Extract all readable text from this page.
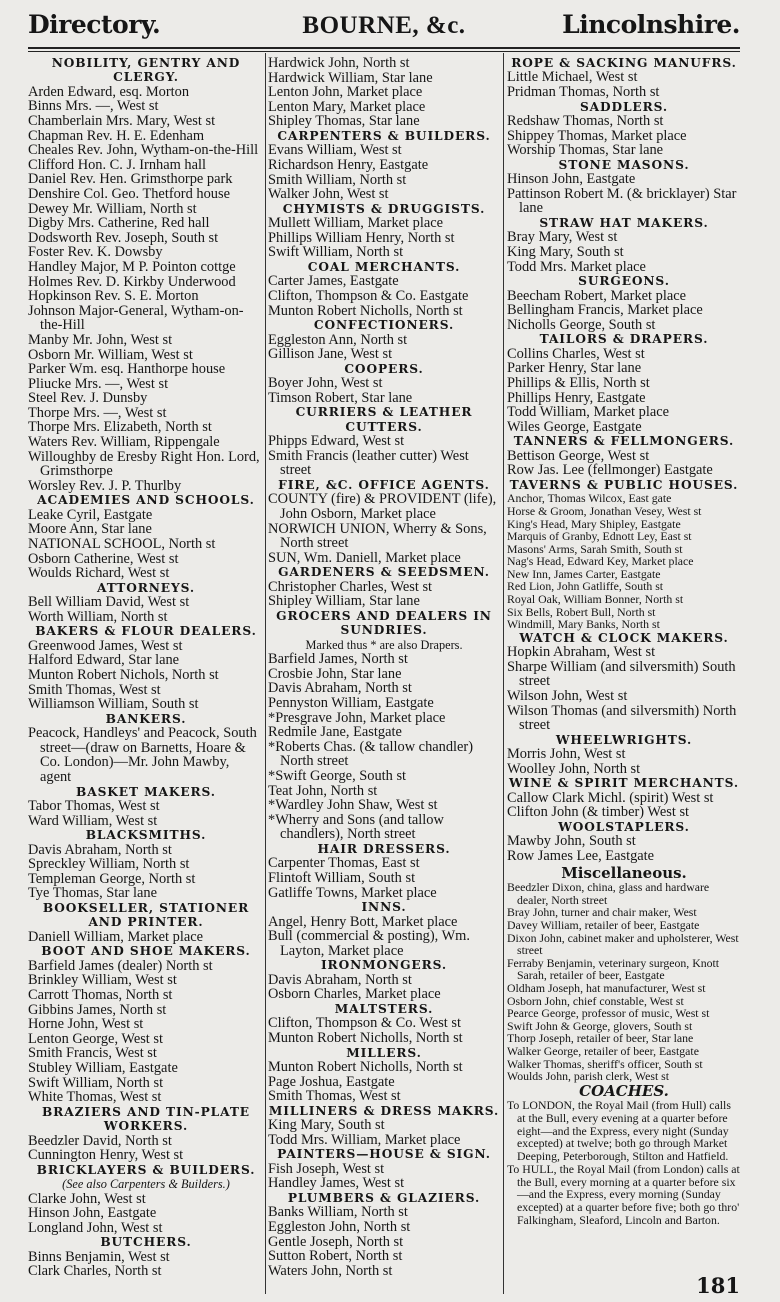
Directory.	BOURNE, &c.	Lincolnshire.
NOBILITY, GENTRY AND CLERGY.
Arden Edward, esq. Morton
Binns Mrs. —, West st
Chamberlain Mrs. Mary, West st
Chapman Rev. H. E. Edenham
Cheales Rev. John, Wytham-on-the-Hill
Clifford Hon. C. J. Irnham hall
Daniel Rev. Hen. Grimsthorpe park
Denshire Col. Geo. Thetford house
Dewey Mr. William, North st
Digby Mrs. Catherine, Red hall
Dodsworth Rev. Joseph, South st
Foster Rev. K. Dowsby
Handley Major, M P. Pointon cottge
Holmes Rev. D. Kirkby Underwood
Hopkinson Rev. S. E. Morton
Johnson Major-General, Wytham-on-the-Hill
Manby Mr. John, West st
Osborn Mr. William, West st
Parker Wm. esq. Hanthorpe house
Pliucke Mrs. —, West st
Steel Rev. J. Dunsby
Thorpe Mrs. —, West st
Thorpe Mrs. Elizabeth, North st
Waters Rev. William, Rippengale
Willoughby de Eresby Right Hon. Lord, Grimsthorpe
Worsley Rev. J. P. Thurlby
ACADEMIES AND SCHOOLS.
Leake Cyril, Eastgate
Moore Ann, Star lane
NATIONAL SCHOOL, North st
Osborn Catherine, West st
Woulds Richard, West st
ATTORNEYS.
Bell William David, West st
Worth William, North st
BAKERS & FLOUR DEALERS.
Greenwood James, West st
Halford Edward, Star lane
Munton Robert Nichols, North st
Smith Thomas, West st
Williamson William, South st
BANKERS.
Peacock, Handleys' and Peacock, South street—(draw on Barnetts, Hoare & Co. London)—Mr. John Mawby, agent
BASKET MAKERS.
Tabor Thomas, West st
Ward William, West st
BLACKSMITHS.
Davis Abraham, North st
Spreckley William, North st
Templeman George, North st
Tye Thomas, Star lane
BOOKSELLER, STATIONER AND PRINTER.
Daniell William, Market place
BOOT AND SHOE MAKERS.
Barfield James (dealer) North st
Brinkley William, West st
Carrott Thomas, North st
Gibbins James, North st
Horne John, West st
Lenton George, West st
Smith Francis, West st
Stubley William, Eastgate
Swift William, North st
White Thomas, West st
BRAZIERS AND TIN-PLATE WORKERS.
Beedzler David, North st
Cunnington Henry, West st
BRICKLAYERS & BUILDERS.
(See also Carpenters & Builders.)
Clarke John, West st
Hinson John, Eastgate
Longland John, West st
BUTCHERS.
Binns Benjamin, West st
Clark Charles, North st
Hardwick John, North st
Hardwick William, Star lane
Lenton John, Market place
Lenton Mary, Market place
Shipley Thomas, Star lane
CARPENTERS & BUILDERS.
Evans William, West st
Richardson Henry, Eastgate
Smith William, North st
Walker John, West st
CHYMISTS & DRUGGISTS.
Mullett William, Market place
Phillips William Henry, North st
Swift William, North st
COAL MERCHANTS.
Carter James, Eastgate
Clifton, Thompson & Co. Eastgate
Munton Robert Nicholls, North st
CONFECTIONERS.
Eggleston Ann, North st
Gillison Jane, West st
COOPERS.
Boyer John, West st
Timson Robert, Star lane
CURRIERS & LEATHER CUTTERS.
Phipps Edward, West st
Smith Francis (leather cutter) West street
FIRE, &C. OFFICE AGENTS.
COUNTY (fire) & PROVIDENT (life), John Osborn, Market place
NORWICH UNION, Wherry & Sons, North street
SUN, Wm. Daniell, Market place
GARDENERS & SEEDSMEN.
Christopher Charles, West st
Shipley William, Star lane
GROCERS AND DEALERS IN SUNDRIES.
Marked thus * are also Drapers.
Barfield James, North st
Crosbie John, Star lane
Davis Abraham, North st
Pennyston William, Eastgate
*Presgrave John, Market place
Redmile Jane, Eastgate
*Roberts Chas. (& tallow chandler) North street
*Swift George, South st
Teat John, North st
*Wardley John Shaw, West st
*Wherry and Sons (and tallow chandlers), North street
HAIR DRESSERS.
Carpenter Thomas, East st
Flintoft William, South st
Gatliffe Towns, Market place
INNS.
Angel, Henry Bott, Market place
Bull (commercial & posting), Wm. Layton, Market place
IRONMONGERS.
Davis Abraham, North st
Osborn Charles, Market place
MALTSTERS.
Clifton, Thompson & Co. West st
Munton Robert Nicholls, North st
MILLERS.
Munton Robert Nicholls, North st
Page Joshua, Eastgate
Smith Thomas, West st
MILLINERS & DRESS MAKRS.
King Mary, South st
Todd Mrs. William, Market place
PAINTERS—HOUSE & SIGN.
Fish Joseph, West st
Handley James, West st
PLUMBERS & GLAZIERS.
Banks William, North st
Eggleston John, North st
Gentle Joseph, North st
Sutton Robert, North st
Waters John, North st
ROPE & SACKING MANUFRS.
Little Michael, West st
Pridman Thomas, North st
SADDLERS.
Redshaw Thomas, North st
Shippey Thomas, Market place
Worship Thomas, Star lane
STONE MASONS.
Hinson John, Eastgate
Pattinson Robert M. (& bricklayer) Star lane
STRAW HAT MAKERS.
Bray Mary, West st
King Mary, South st
Todd Mrs. Market place
SURGEONS.
Beecham Robert, Market place
Bellingham Francis, Market place
Nicholls George, South st
TAILORS & DRAPERS.
Collins Charles, West st
Parker Henry, Star lane
Phillips & Ellis, North st
Phillips Henry, Eastgate
Todd William, Market place
Wiles George, Eastgate
TANNERS & FELLMONGERS.
Bettison George, West st
Row Jas. Lee (fellmonger) Eastgate
TAVERNS & PUBLIC HOUSES.
Anchor, Thomas Wilcox, East gate
Horse & Groom, Jonathan Vesey, West st
King's Head, Mary Shipley, Eastgate
Marquis of Granby, Ednott Ley, East st
Masons' Arms, Sarah Smith, South st
Nag's Head, Edward Key, Market place
New Inn, James Carter, Eastgate
Red Lion, John Gatliffe, South st
Royal Oak, William Bonner, North st
Six Bells, Robert Bull, North st
Windmill, Mary Banks, North st
WATCH & CLOCK MAKERS.
Hopkin Abraham, West st
Sharpe William (and silversmith) South street
Wilson John, West st
Wilson Thomas (and silversmith) North street
WHEELWRIGHTS.
Morris John, West st
Woolley John, North st
WINE & SPIRIT MERCHANTS.
Callow Clark Michl. (spirit) West st
Clifton John (& timber) West st
WOOLSTAPLERS.
Mawby John, South st
Row James Lee, Eastgate
Miscellaneous.
Beedzler Dixon, china, glass and hardware dealer, North street
Bray John, turner and chair maker, West
Davey William, retailer of beer, Eastgate
Dixon John, cabinet maker and upholsterer, West street
Ferraby Benjamin, veterinary surgeon, Knott Sarah, retailer of beer, Eastgate
Oldham Joseph, hat manufacturer, West st
Osborn John, chief constable, West st
Pearce George, professor of music, West st
Swift John & George, glovers, South st
Thorp Joseph, retailer of beer, Star lane
Walker George, retailer of beer, Eastgate
Walker Thomas, sheriff's officer, South st
Woulds John, parish clerk, West st
COACHES.
To LONDON, the Royal Mail (from Hull) calls at the Bull, every evening at a quarter before eight—and the Express, every night (Sunday excepted) at twelve; both go through Market Deeping, Peterborough, Stilton and Hatfield.
To HULL, the Royal Mail (from London) calls at the Bull, every morning at a quarter before six—and the Express, every morning (Sunday excepted) at a quarter before five; both go thro' Falkingham, Sleaford, Lincoln and Barton.
181
